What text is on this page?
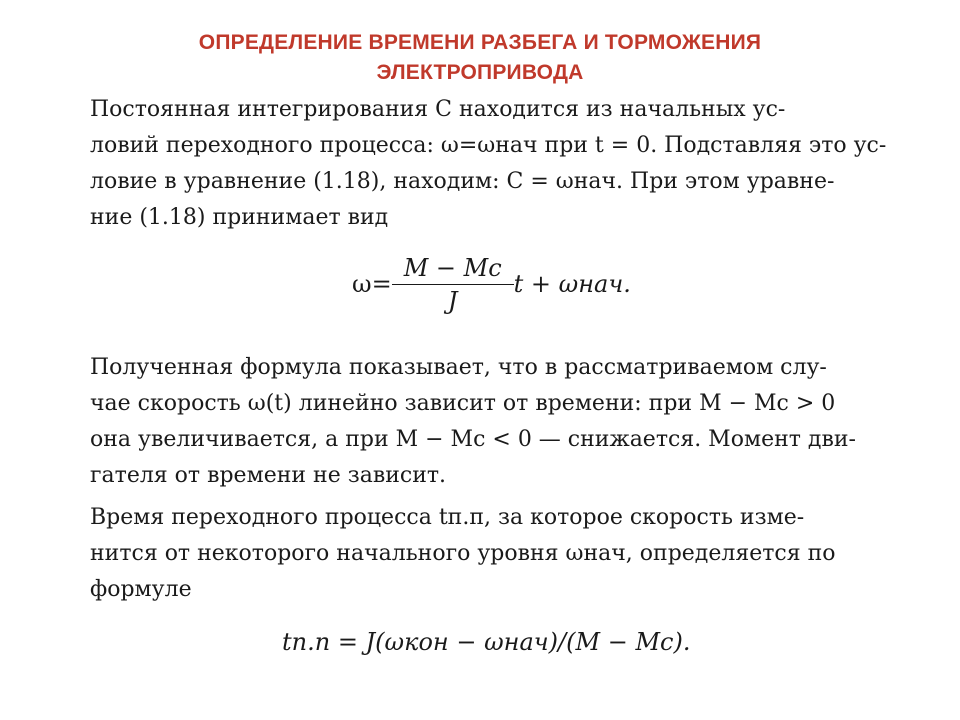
ОПРЕДЕЛЕНИЕ ВРЕМЕНИ РАЗБЕГА И ТОРМОЖЕНИЯ
ЭЛЕКТРОПРИВОДА
Постоянная интегрирования C находится из начальных ус-
ловий переходного процесса: ω=ωнач при t = 0. Подставляя это ус-
ловие в уравнение (1.18), находим: C = ωнач. При этом уравне-
ние (1.18) принимает вид
$\omega= \frac{M - Mс}{J}$ t + ωнач.
Полученная формула показывает, что в рассматриваемом слу-
чае скорость ω(t) линейно зависит от времени: при M − Mс > 0
она увеличивается, а при M − Mс < 0 — снижается. Момент дви-
гателя от времени не зависит.
Время переходного процесса tп.п, за которое скорость изме-
нится от некоторого начального уровня ωнач, определяется по
формуле
tп.п = J(ωкон − ωнач)/(M − Mс).
